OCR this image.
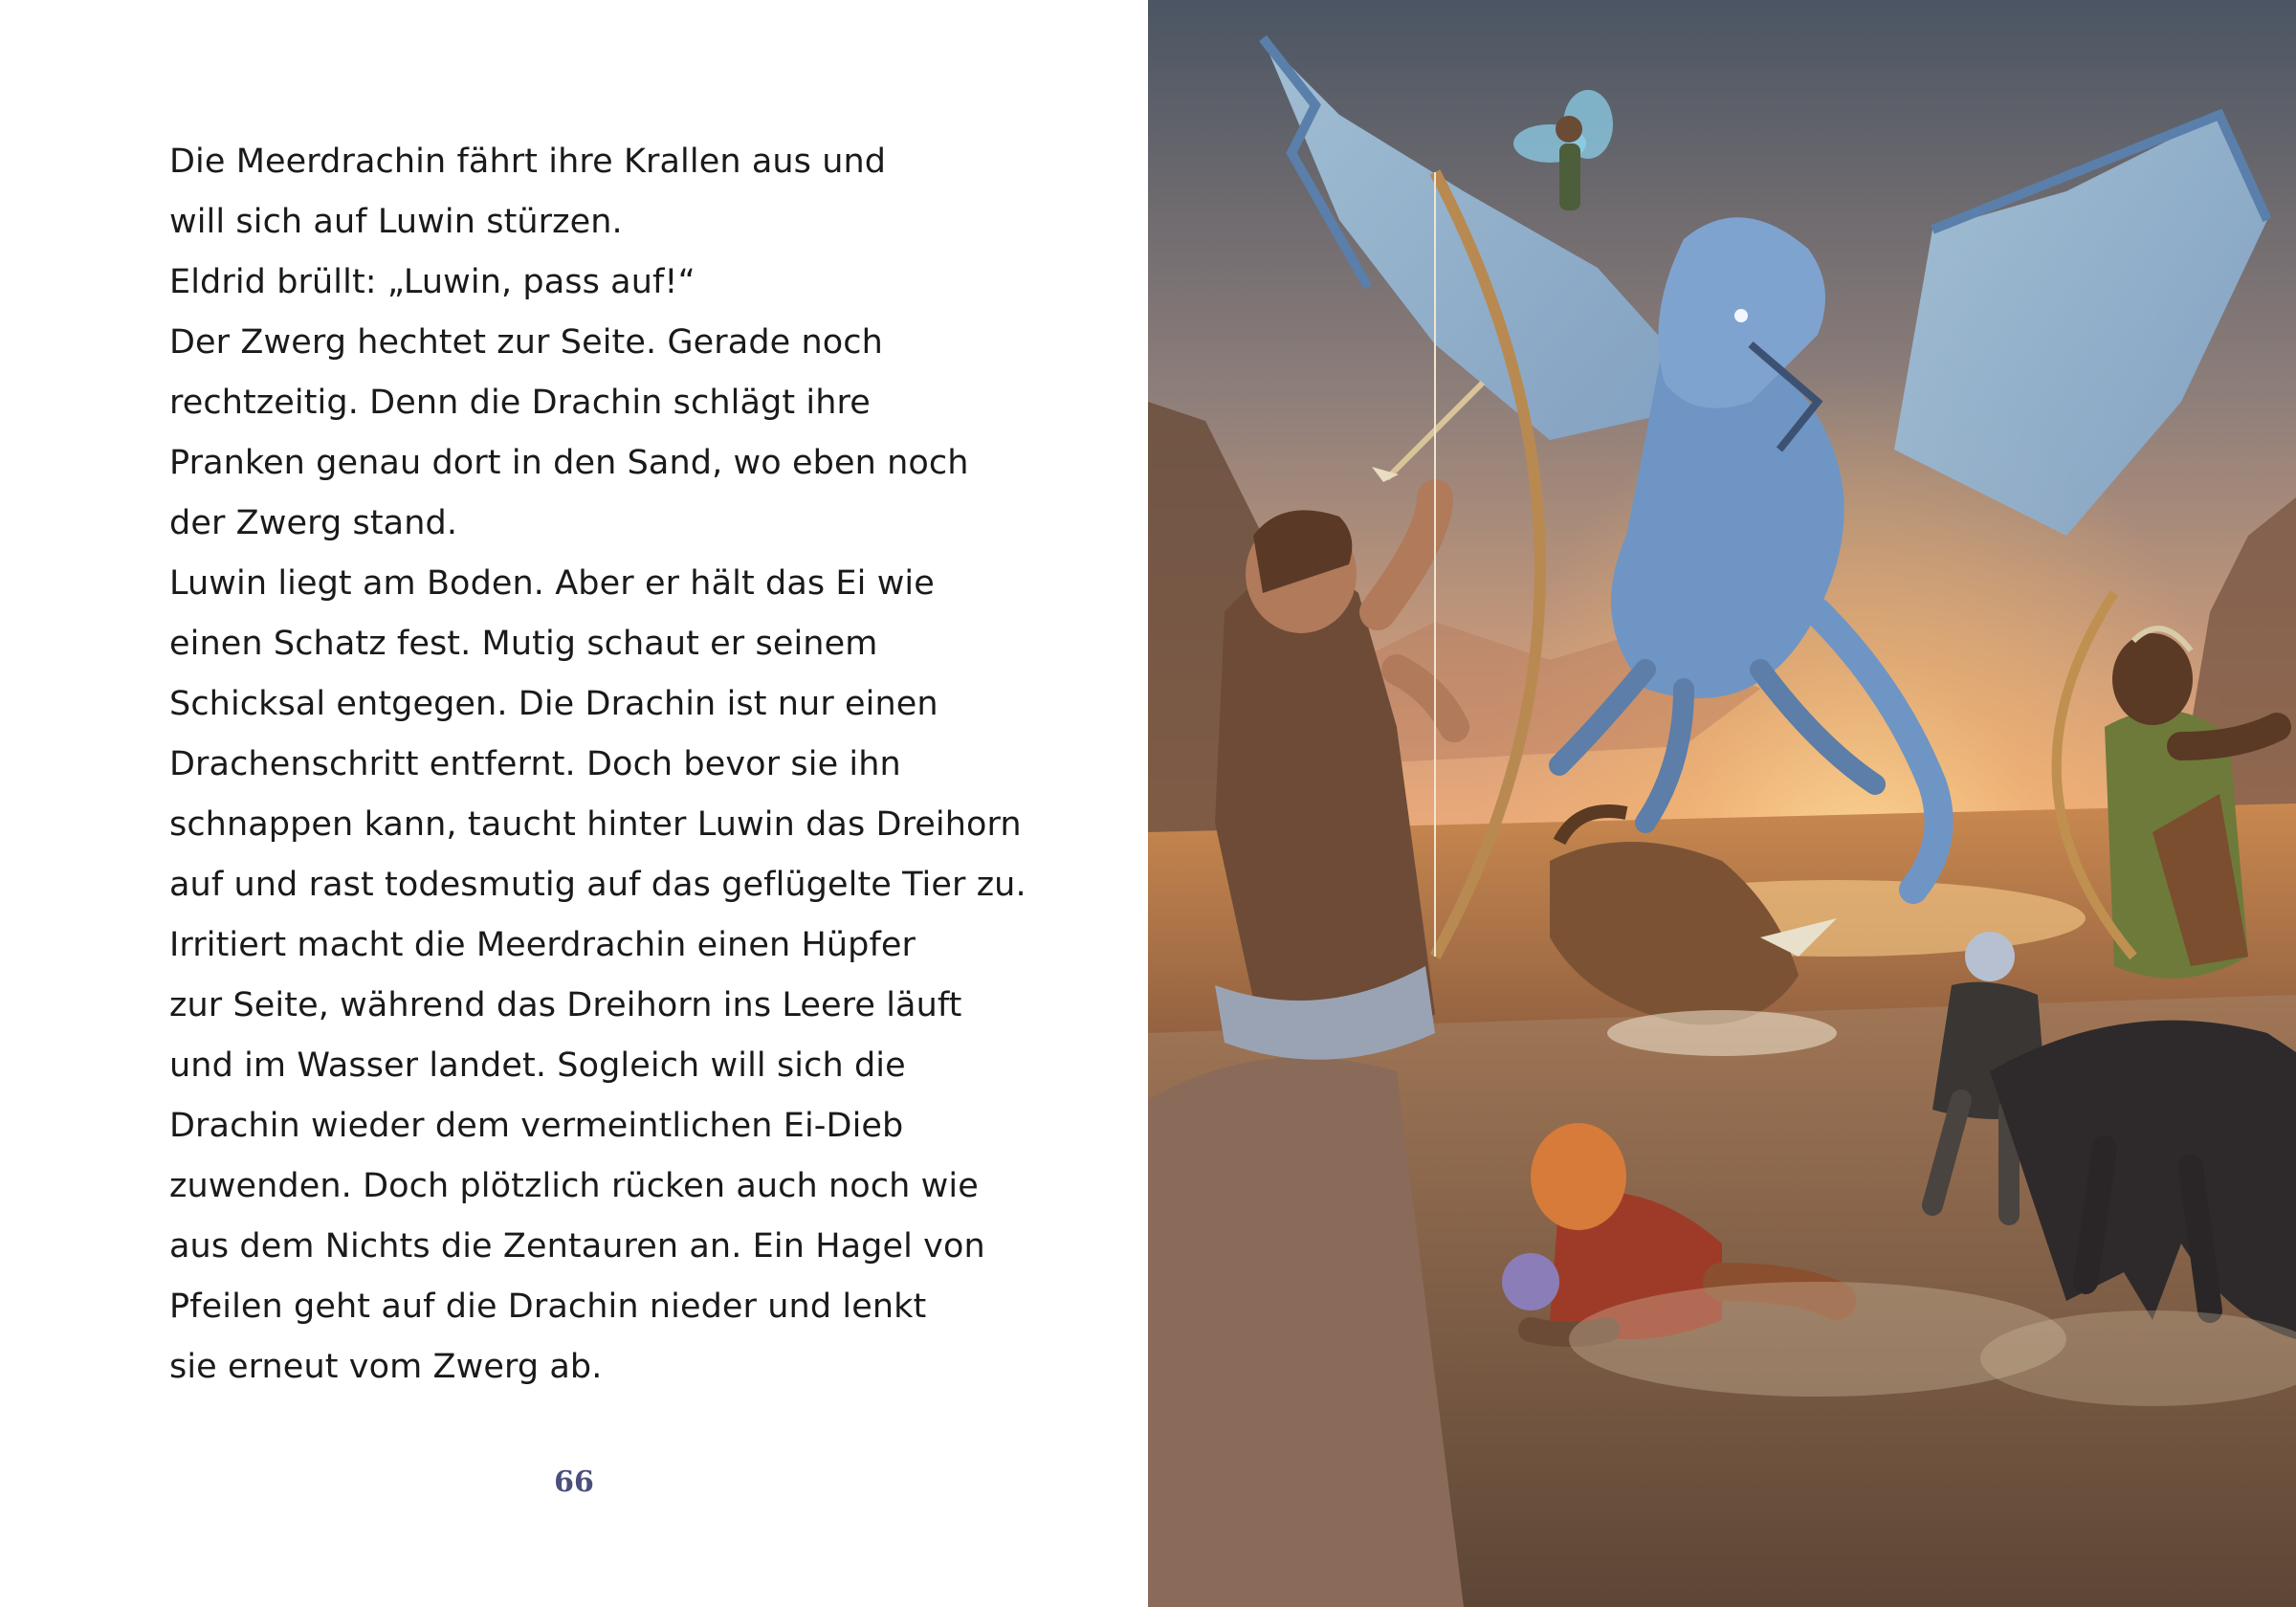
Die Meerdrachin fährt ihre Krallen aus und
will sich auf Luwin stürzen.
Eldrid brüllt: „Luwin, pass auf!“
Der Zwerg hechtet zur Seite. Gerade noch
rechtzeitig. Denn die Drachin schlägt ihre
Pranken genau dort in den Sand, wo eben noch
der Zwerg stand.
Luwin liegt am Boden. Aber er hält das Ei wie
einen Schatz fest. Mutig schaut er seinem
Schicksal entgegen. Die Drachin ist nur einen
Drachenschritt entfernt. Doch bevor sie ihn
schnappen kann, taucht hinter Luwin das Dreihorn
auf und rast todesmutig auf das geflügelte Tier zu.
Irritiert macht die Meerdrachin einen Hüpfer
zur Seite, während das Dreihorn ins Leere läuft
und im Wasser landet. Sogleich will sich die
Drachin wieder dem vermeintlichen Ei-Dieb
zuwenden. Doch plötzlich rücken auch noch wie
aus dem Nichts die Zentauren an. Ein Hagel von
Pfeilen geht auf die Drachin nieder und lenkt
sie erneut vom Zwerg ab.
66
